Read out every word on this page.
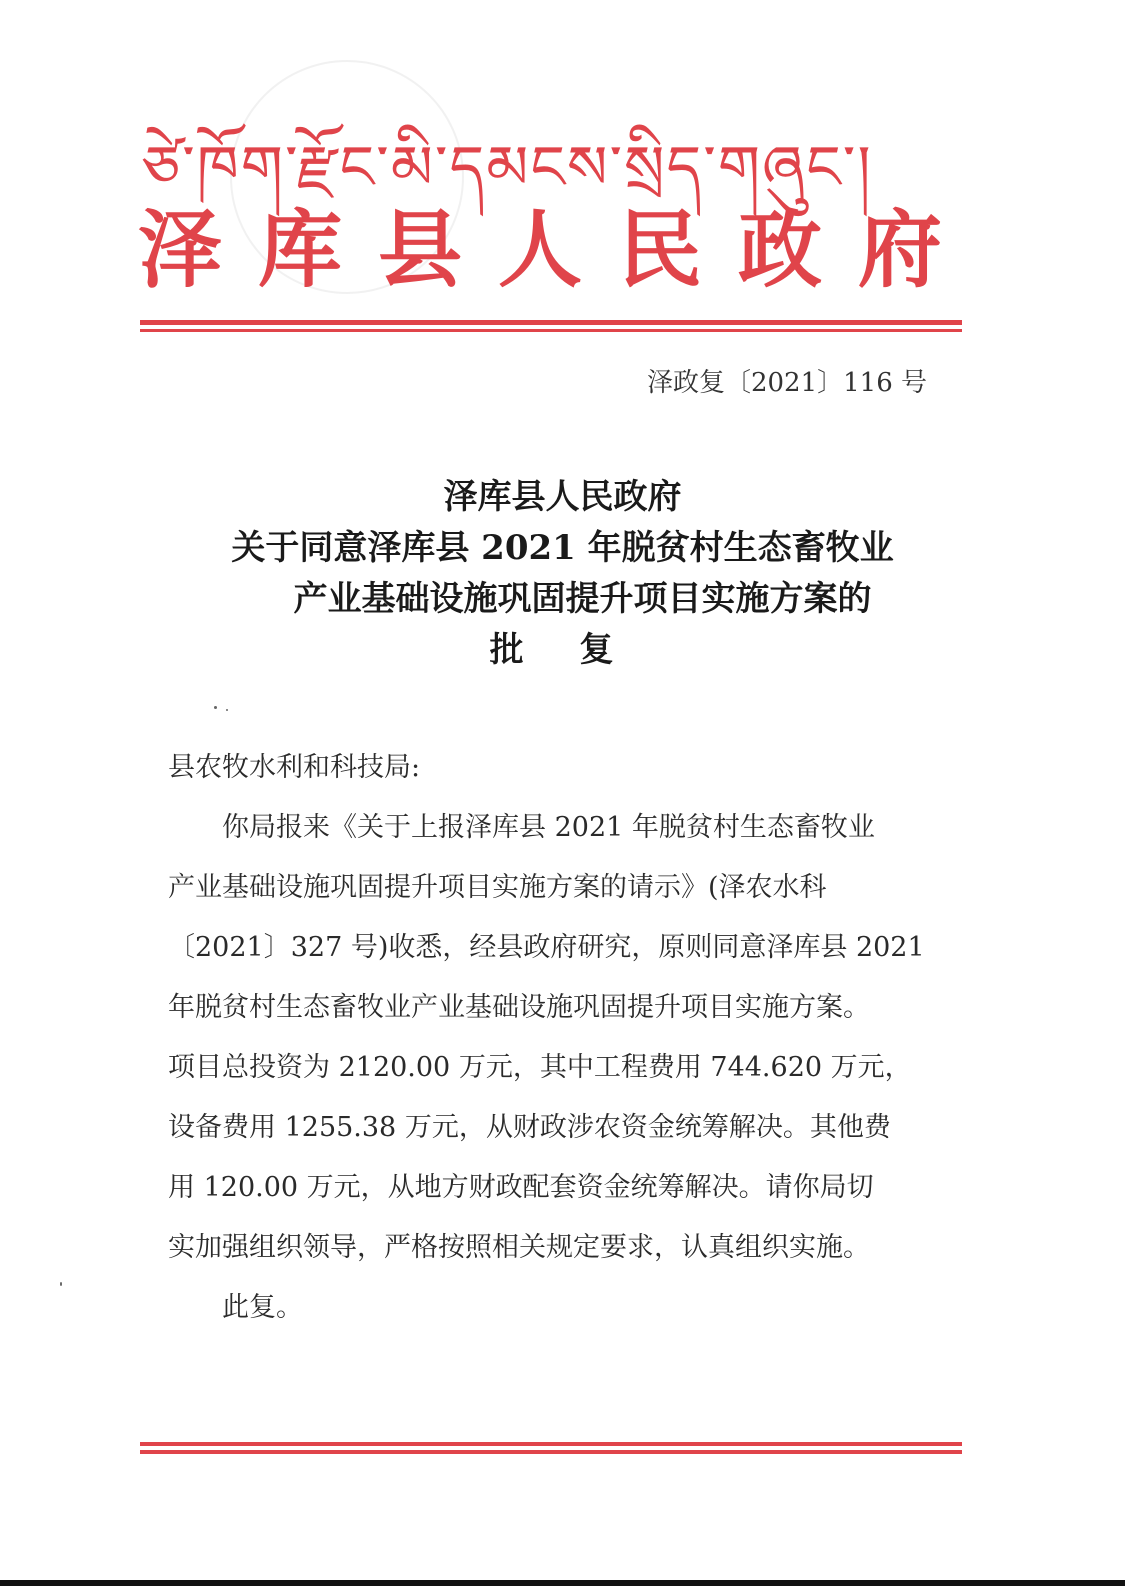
ཙེ་ཁོག་རྫོང་མི་དམངས་སྲིད་གཞུང་།
泽库县人民政府
泽政复〔2021〕116 号
泽库县人民政府
关于同意泽库县 2021 年脱贫村生态畜牧业
产业基础设施巩固提升项目实施方案的
批 复

县农牧水利和科技局:

你局报来《关于上报泽库县 2021 年脱贫村生态畜牧业

产业基础设施巩固提升项目实施方案的请示》(泽农水科

〔2021〕327 号)收悉，经县政府研究，原则同意泽库县 2021

年脱贫村生态畜牧业产业基础设施巩固提升项目实施方案。

项目总投资为 2120.00 万元，其中工程费用 744.620 万元，

设备费用 1255.38 万元，从财政涉农资金统筹解决。其他费

用 120.00 万元，从地方财政配套资金统筹解决。请你局切

实加强组织领导，严格按照相关规定要求，认真组织实施。

此复。
